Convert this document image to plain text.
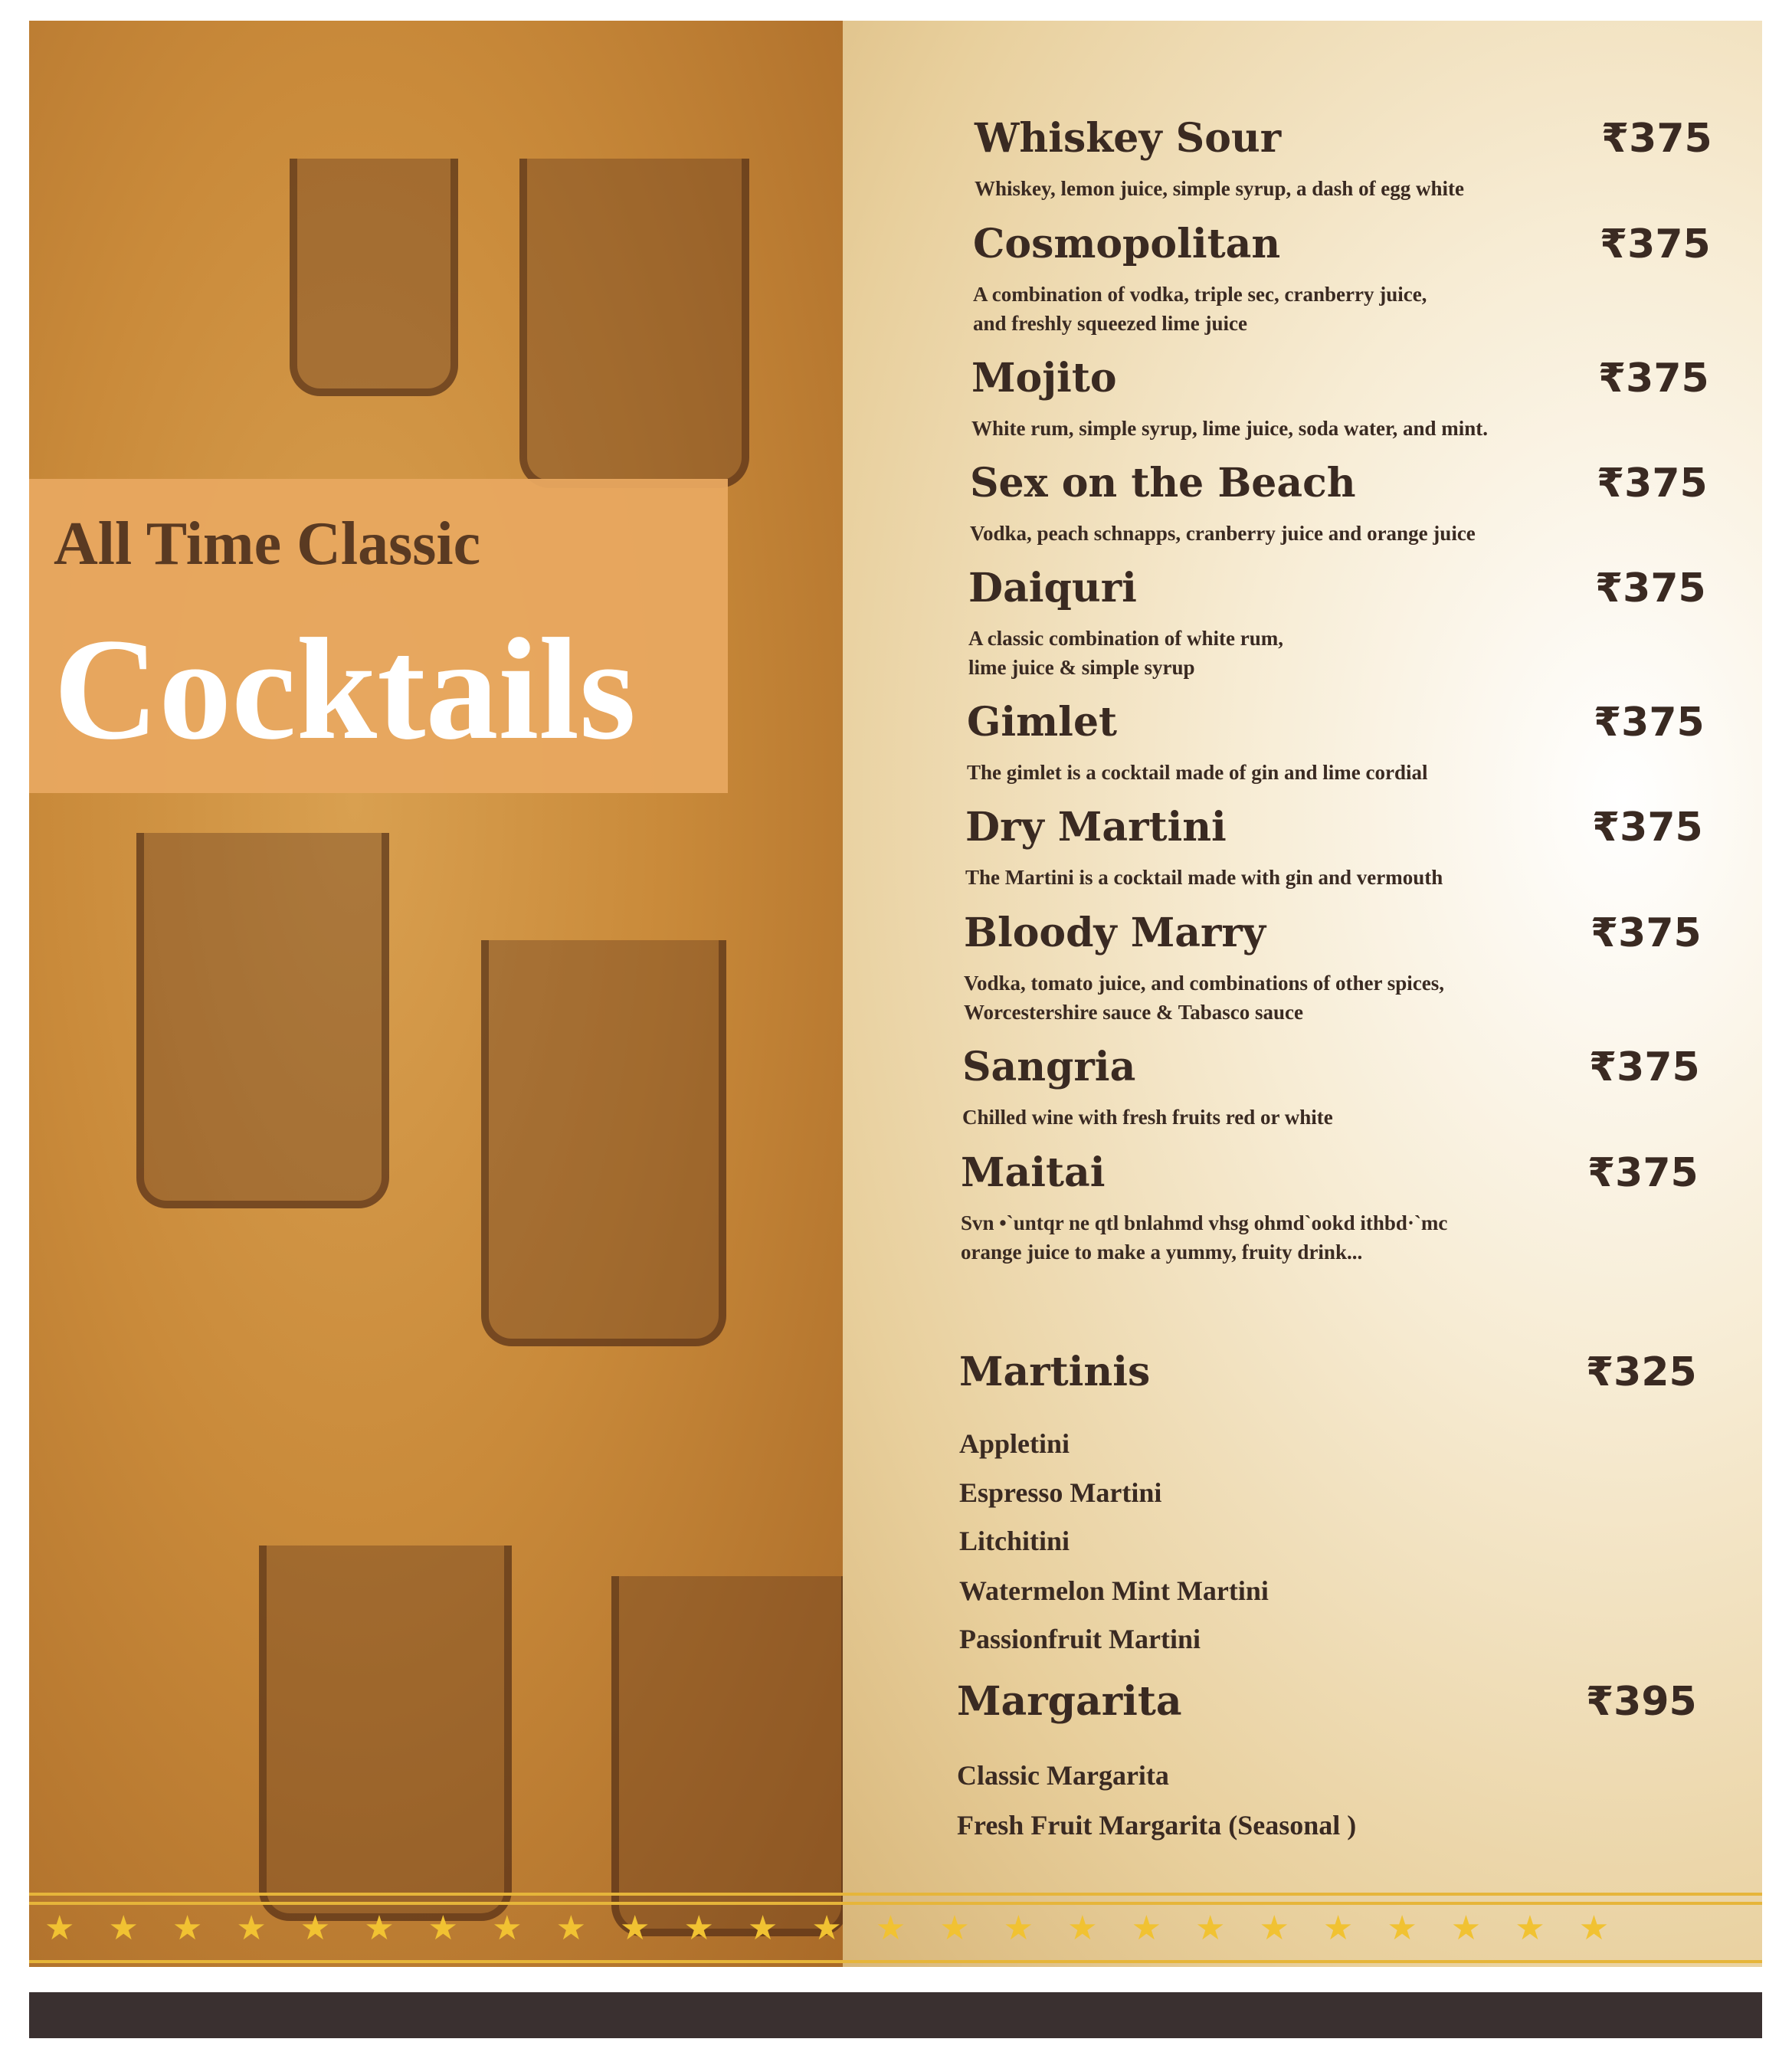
All Time Classic
Cocktails
Whiskey Sour	₹375
Whiskey, lemon juice, simple syrup, a dash of egg white
Cosmopolitan	₹375
A combination of vodka, triple sec, cranberry juice,
and freshly squeezed lime juice
Mojito	₹375
White rum, simple syrup, lime juice, soda water, and mint.
Sex on the Beach	₹375
Vodka, peach schnapps, cranberry juice and orange juice
Daiquri	₹375
A classic combination of white rum,
lime juice & simple syrup
Gimlet	₹375
The gimlet is a cocktail made of gin and lime cordial
Dry Martini	₹375
The Martini is a cocktail made with gin and vermouth
Bloody Marry	₹375
Vodka, tomato juice, and combinations of other spices,
Worcestershire sauce & Tabasco sauce
Sangria	₹375
Chilled wine with fresh fruits red or white
Maitai	₹375
Svn •`untqr ne qtl bnlahmd vhsg ohmd`ookd ithbd·`mc
orange juice to make a yummy, fruity drink...
Martinis	₹325
Appletini
Espresso Martini
Litchitini
Watermelon Mint Martini
Passionfruit Martini
Margarita	₹395
Classic Margarita
Fresh Fruit Margarita (Seasonal )
★★★★★★★★★★★★★★★★★★★★★★★★★
